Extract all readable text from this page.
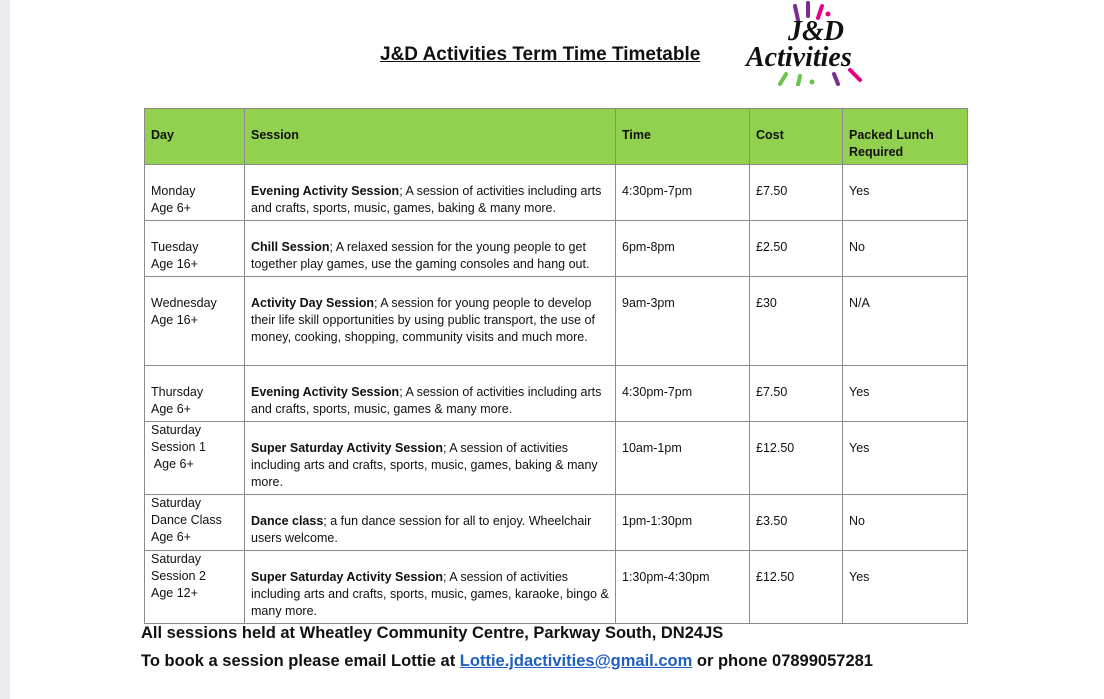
J&D Activities Term Time Timetable
J&D
Activities
Day	Session	Time	Cost	Packed Lunch Required

Monday
Age 6+	Evening Activity Session; A session of activities including arts and crafts, sports, music, games, baking & many more.	4:30pm-7pm	£7.50	Yes

Tuesday
Age 16+	Chill Session; A relaxed session for the young people to get together play games, use the gaming consoles and hang out.	6pm-8pm	£2.50	No

Wednesday
Age 16+	Activity Day Session; A session for young people to develop their life skill opportunities by using public transport, the use of money, cooking, shopping, community visits and much more.	9am-3pm	£30	N/A

Thursday
Age 6+	Evening Activity Session; A session of activities including arts and crafts, sports, music, games & many more.	4:30pm-7pm	£7.50	Yes

Saturday
Session 1
Age 6+	Super Saturday Activity Session; A session of activities including arts and crafts, sports, music, games, baking & many more.	10am-1pm	£12.50	Yes

Saturday
Dance Class
Age 6+	Dance class; a fun dance session for all to enjoy. Wheelchair users welcome.	1pm-1:30pm	£3.50	No

Saturday
Session 2
Age 12+	Super Saturday Activity Session; A session of activities including arts and crafts, sports, music, games, karaoke, bingo & many more.	1:30pm-4:30pm	£12.50	Yes
All sessions held at Wheatley Community Centre, Parkway South, DN24JS
To book a session please email Lottie at Lottie.jdactivities@gmail.com or phone 07899057281
